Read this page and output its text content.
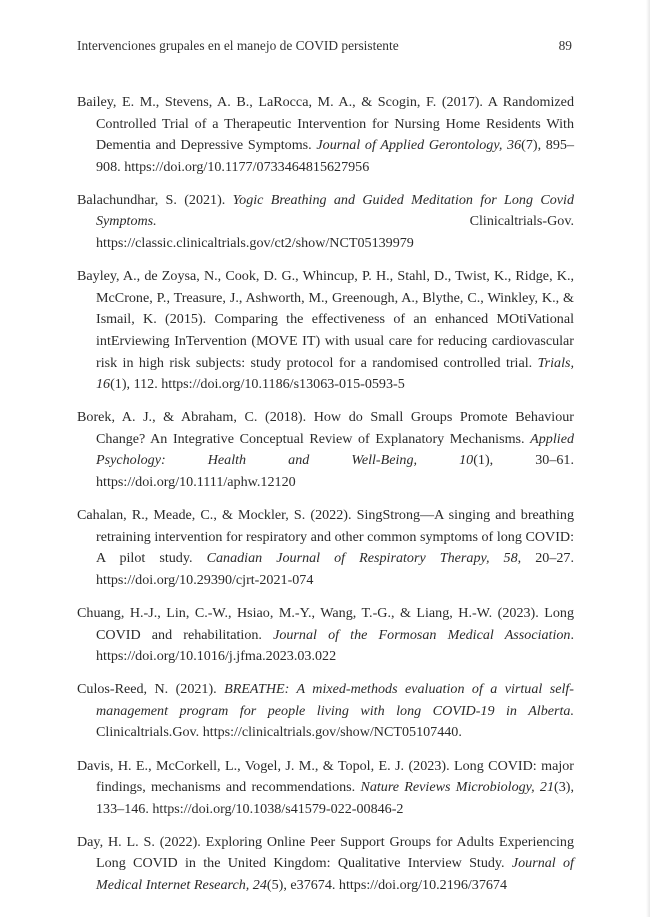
Intervenciones grupales en el manejo de COVID persistente	89

Bailey, E. M., Stevens, A. B., LaRocca, M. A., & Scogin, F. (2017). A Randomized Controlled Trial of a Therapeutic Intervention for Nursing Home Residents With Dementia and Depressive Symptoms. Journal of Applied Gerontology, 36(7), 895–908. https://doi.org/10.1177/0733464815627956

Balachundhar, S. (2021). Yogic Breathing and Guided Meditation for Long Covid Symptoms. Clinicaltrials-Gov. https://classic.clinicaltrials.gov/ct2/show/NCT05139979

Bayley, A., de Zoysa, N., Cook, D. G., Whincup, P. H., Stahl, D., Twist, K., Ridge, K., McCrone, P., Treasure, J., Ashworth, M., Greenough, A., Blythe, C., Winkley, K., & Ismail, K. (2015). Comparing the effectiveness of an enhanced MOtiVational intErviewing InTervention (MOVE IT) with usual care for reducing cardiovascular risk in high risk subjects: study protocol for a randomised controlled trial. Trials, 16(1), 112. https://doi.org/10.1186/s13063-015-0593-5

Borek, A. J., & Abraham, C. (2018). How do Small Groups Promote Behaviour Change? An Integrative Conceptual Review of Explanatory Mechanisms. Applied Psychology: Health and Well-Being, 10(1), 30–61. https://doi.org/10.1111/aphw.12120

Cahalan, R., Meade, C., & Mockler, S. (2022). SingStrong—A singing and breathing retraining intervention for respiratory and other common symptoms of long COVID: A pilot study. Canadian Journal of Respiratory Therapy, 58, 20–27. https://doi.org/10.29390/cjrt-2021-074

Chuang, H.-J., Lin, C.-W., Hsiao, M.-Y., Wang, T.-G., & Liang, H.-W. (2023). Long COVID and rehabilitation. Journal of the Formosan Medical Association. https://doi.org/10.1016/j.jfma.2023.03.022

Culos-Reed, N. (2021). BREATHE: A mixed-methods evaluation of a virtual self-management program for people living with long COVID-19 in Alberta. Clinicaltrials.Gov. https://clinicaltrials.gov/show/NCT05107440.

Davis, H. E., McCorkell, L., Vogel, J. M., & Topol, E. J. (2023). Long COVID: major findings, mechanisms and recommendations. Nature Reviews Microbiology, 21(3), 133–146. https://doi.org/10.1038/s41579-022-00846-2

Day, H. L. S. (2022). Exploring Online Peer Support Groups for Adults Experiencing Long COVID in the United Kingdom: Qualitative Interview Study. Journal of Medical Internet Research, 24(5), e37674. https://doi.org/10.2196/37674
